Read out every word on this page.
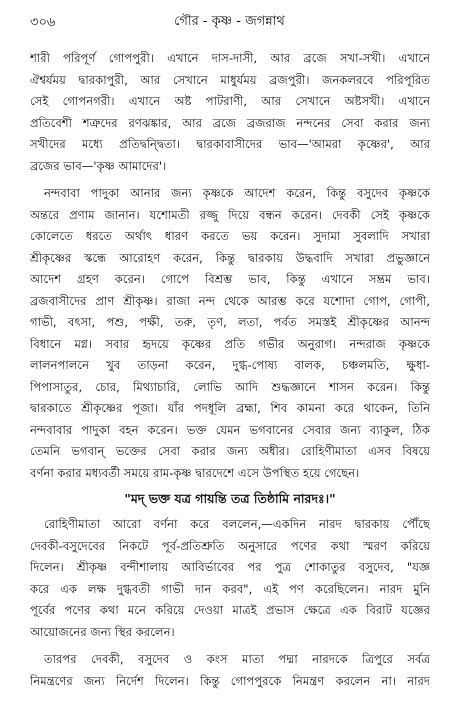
৩০৬	গৌর - কৃষ্ণ - জগন্নাথ
শারী পরিপূর্ণ গোপপুরী। এখানে দাস-দাসী, আর ব্রজে সখা-সখী। এখানে
ঐশ্বর্যময় দ্বারকাপুরী, আর সেখানে মাধুর্যময় ব্রজপুরী। জনকলরবে পরিপূরিত
সেই গোপনগরী। এখানে অষ্ট পাটরাণী, আর সেখানে অষ্টসখী। এখানে
প্রতিবেশী শত্রুদের রণঝঙ্কার, আর ব্রজে ব্রজরাজ নন্দনের সেবা করার জন্য
সখীদের মধ্যে প্রতিদ্বন্দ্বিতা। দ্বারকাবাসীদের ভাব—'আমরা কৃষ্ণের', আর
ব্রজের ভাব—'কৃষ্ণ আমাদের'।
নন্দবাবা পাদুকা আনার জন্য কৃষ্ণকে আদেশ করেন, কিন্তু বসুদেব কৃষ্ণকে
অন্তরে প্রণাম জানান। যশোমতী রজ্জু দিয়ে বন্ধন করেন। দেবকী সেই কৃষ্ণকে
কোলেতে ধরতে অর্থাৎ ধারণ করতে ভয় করেন। সুদামা সুবলাদি সখারা
শ্রীকৃষ্ণের স্কন্ধে আরোহণ করেন, কিন্তু দ্বারকায় উদ্ধবাদি সখারা প্রভুজ্ঞানে
আদেশ গ্রহণ করেন। গোপে বিশ্রম্ভ ভাব, কিন্তু এখানে সম্ভ্রম ভাব।
ব্রজবাসীদের প্রাণ শ্রীকৃষ্ণ। রাজা নন্দ থেকে আরম্ভ করে যশোদা গোপ, গোপী,
গাভী, বৎসা, পশু, পক্ষী, তরু, তৃণ, লতা, পর্বত সমস্তই শ্রীকৃষ্ণের আনন্দ
বিধানে মগ্ন। সবার হৃদয়ে কৃষ্ণের প্রতি গভীর অনুরাগ। নন্দরাজ কৃষ্ণকে
লালনপালনে খুব তাড়না করেন, দুগ্ধ-পোষ্য বালক, চঞ্চলমতি, ক্ষুধা-
পিপাসাতুর, চোর, মিথ্যাচারি, লোভি আদি শুদ্ধজ্ঞানে শাসন করেন। কিন্তু
দ্বারকাতে শ্রীকৃষ্ণের পূজা। যাঁর পদধূলি ব্রহ্মা, শিব কামনা করে থাকেন, তিনি
নন্দবাবার পাদুকা বহন করেন। ভক্ত যেমন ভগবানের সেবার জন্য ব্যাকুল, ঠিক
তেমনি ভগবান্ ভক্তের সেবা করার জন্য অধীর। রোহিণীমাতা এসব বিষয়ে
বর্ণনা করার মধ্যবর্তী সময়ে রাম-কৃষ্ণ দ্বারদেশে এসে উপস্থিত হয়ে গেছেন।
"মদ্ ভক্ত যত্র গায়ন্তি তত্র তিষ্ঠামি নারদঃ।"
রোহিণীমাতা আরো বর্ণনা করে বললেন,—একদিন নারদ দ্বারকায় পৌঁছে
দেবকী-বসুদেবের নিকটে পূর্ব-প্রতিশ্রুতি অনুসারে পণের কথা স্মরণ করিয়ে
দিলেন। শ্রীকৃষ্ণ বন্দীশালায় আবির্ভাবের পর পুত্র শোকাতুর বসুদেব, "যজ্ঞ
করে এক লক্ষ দুগ্ধবতী গাভী দান করব", এই পণ করেছিলেন। নারদ মুনি
পূর্বের পণের কথা মনে করিয়ে দেওয়া মাত্রই প্রভাস ক্ষেত্রে এক বিরাট যজ্ঞের
আয়োজনের জন্য স্থির করলেন।
তারপর দেবকী, বসুদেব ও কংস মাতা পদ্মা নারদকে ত্রিপুরে সর্বত্র
নিমন্ত্রণের জন্য নির্দেশ দিলেন। কিন্তু গোপপুরকে নিমন্ত্রণ করলেন না। নারদ
